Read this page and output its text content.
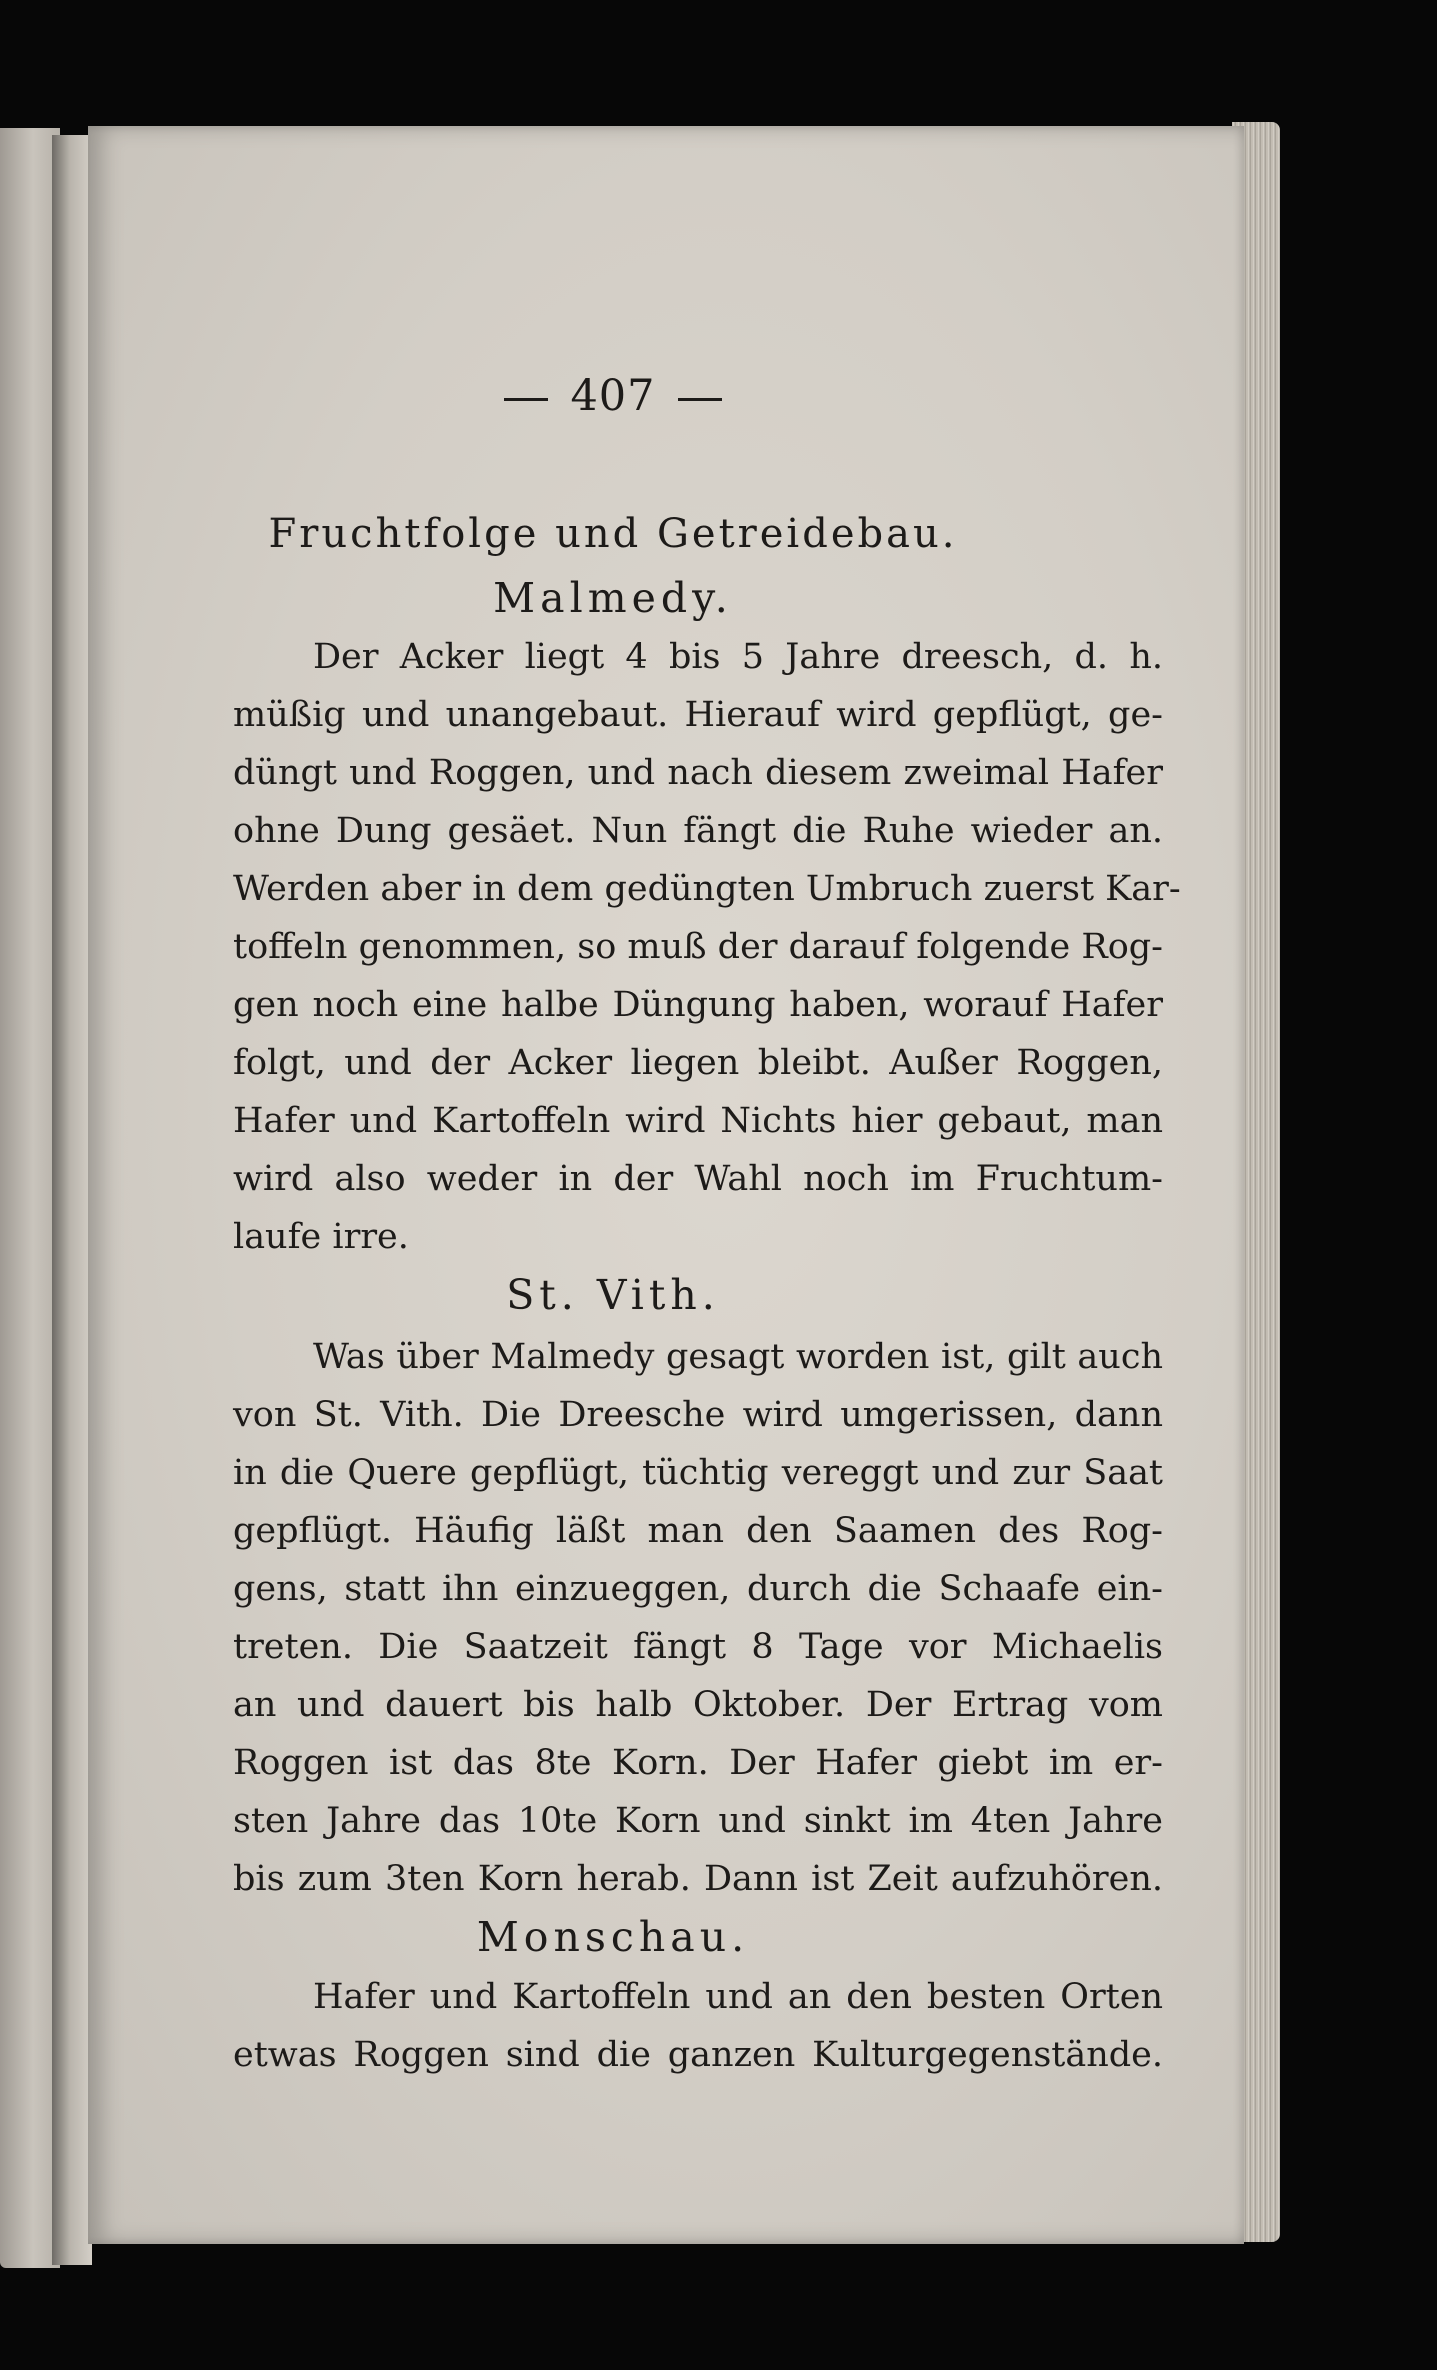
407
Fruchtfolge und Getreidebau.
Malmedy.
Der Acker liegt 4 bis 5 Jahre dreesch, d. h.
müßig und unangebaut. Hierauf wird gepflügt, ge-
düngt und Roggen, und nach diesem zweimal Hafer
ohne Dung gesäet. Nun fängt die Ruhe wieder an.
Werden aber in dem gedüngten Umbruch zuerst Kar-
toffeln genommen, so muß der darauf folgende Rog-
gen noch eine halbe Düngung haben, worauf Hafer
folgt, und der Acker liegen bleibt. Außer Roggen,
Hafer und Kartoffeln wird Nichts hier gebaut, man
wird also weder in der Wahl noch im Fruchtum-
laufe irre.
St. Vith.
Was über Malmedy gesagt worden ist, gilt auch
von St. Vith. Die Dreesche wird umgerissen, dann
in die Quere gepflügt, tüchtig vereggt und zur Saat
gepflügt. Häufig läßt man den Saamen des Rog-
gens, statt ihn einzueggen, durch die Schaafe ein-
treten. Die Saatzeit fängt 8 Tage vor Michaelis
an und dauert bis halb Oktober. Der Ertrag vom
Roggen ist das 8te Korn. Der Hafer giebt im er-
sten Jahre das 10te Korn und sinkt im 4ten Jahre
bis zum 3ten Korn herab. Dann ist Zeit aufzuhören.
Monschau.
Hafer und Kartoffeln und an den besten Orten
etwas Roggen sind die ganzen Kulturgegenstände.
